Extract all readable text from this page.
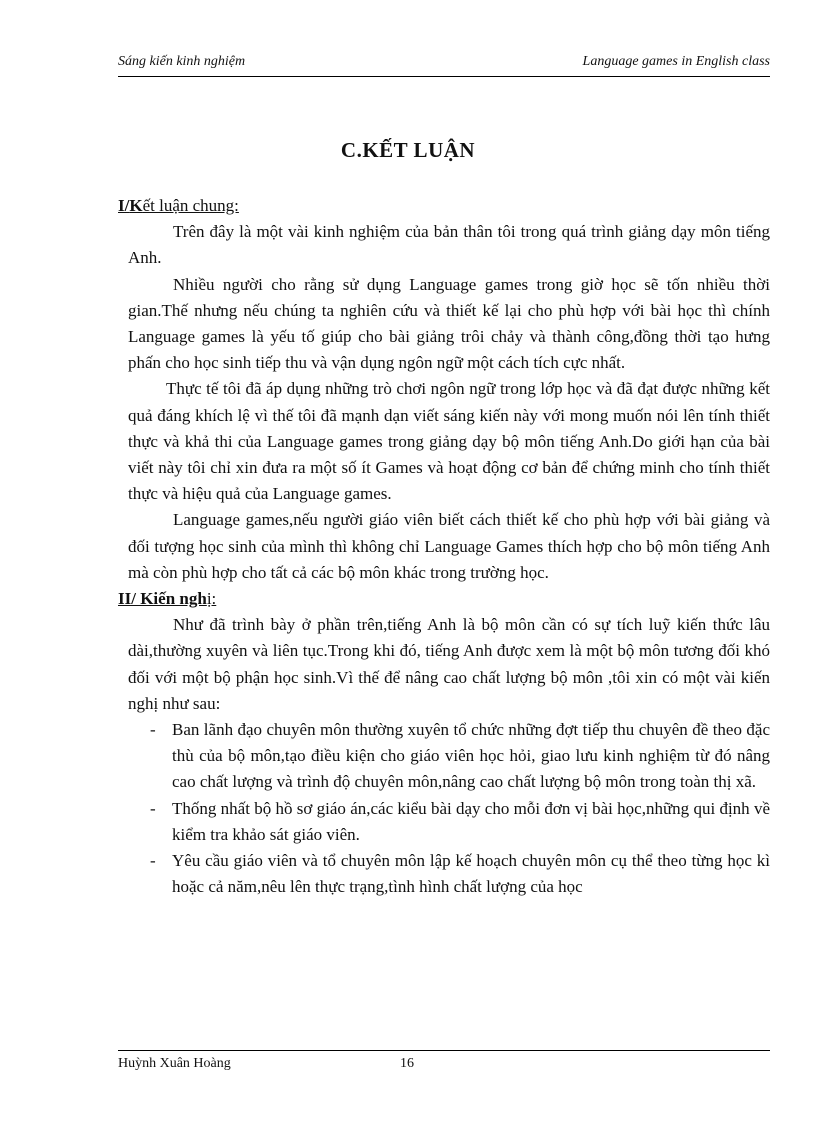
Sáng kiến kinh nghiệm	Language games in English class
C.KẾT LUẬN
I/Kết luận chung:

Trên đây là một vài kinh nghiệm của bản thân tôi trong quá trình giảng dạy môn tiếng Anh.

Nhiều người cho rằng sử dụng Language games trong giờ học sẽ tốn nhiều thời gian.Thế nhưng nếu chúng ta nghiên cứu và thiết kế lại cho phù hợp với bài học thì chính Language games là yếu tố giúp cho bài giảng trôi chảy và thành công,đồng thời tạo hưng phấn cho học sinh tiếp thu và vận dụng ngôn ngữ một cách tích cực nhất.

Thực tế tôi đã áp dụng những trò chơi ngôn ngữ trong lớp học và đã đạt được những kết quả đáng khích lệ vì thế tôi đã mạnh dạn viết sáng kiến này với mong muốn nói lên tính thiết thực và khả thi của Language games trong giảng dạy bộ môn tiếng Anh.Do giới hạn của bài viết này tôi chỉ xin đưa ra một số ít Games và hoạt động cơ bản để chứng minh cho tính thiết thực và hiệu quả của Language games.

Language games,nếu người giáo viên biết cách thiết kế cho phù hợp với bài giảng và đối tượng học sinh của mình thì không chỉ Language Games thích hợp cho bộ môn tiếng Anh mà còn phù hợp cho tất cả các bộ môn khác trong trường học.

II/ Kiến nghị:

Như đã trình bày ở phần trên,tiếng Anh là bộ môn cần có sự tích luỹ kiến thức lâu dài,thường xuyên và liên tục.Trong khi đó, tiếng Anh được xem là một bộ môn tương đối khó đối với một bộ phận học sinh.Vì thế để nâng cao chất lượng bộ môn ,tôi xin có một vài kiến nghị như sau:

- Ban lãnh đạo chuyên môn thường xuyên tổ chức những đợt tiếp thu chuyên đề theo đặc thù của bộ môn,tạo điều kiện cho giáo viên học hỏi, giao lưu kinh nghiệm từ đó nâng cao chất lượng và trình độ chuyên môn,nâng cao chất lượng bộ môn trong toàn thị xã.
- Thống nhất bộ hồ sơ giáo án,các kiểu bài dạy cho mỗi đơn vị bài học,những qui định về kiểm tra khảo sát giáo viên.
- Yêu cầu giáo viên và tổ chuyên môn lập kế hoạch chuyên môn cụ thể theo từng học kì hoặc cả năm,nêu lên thực trạng,tình hình chất lượng của học
Huỳnh Xuân Hoàng	16
